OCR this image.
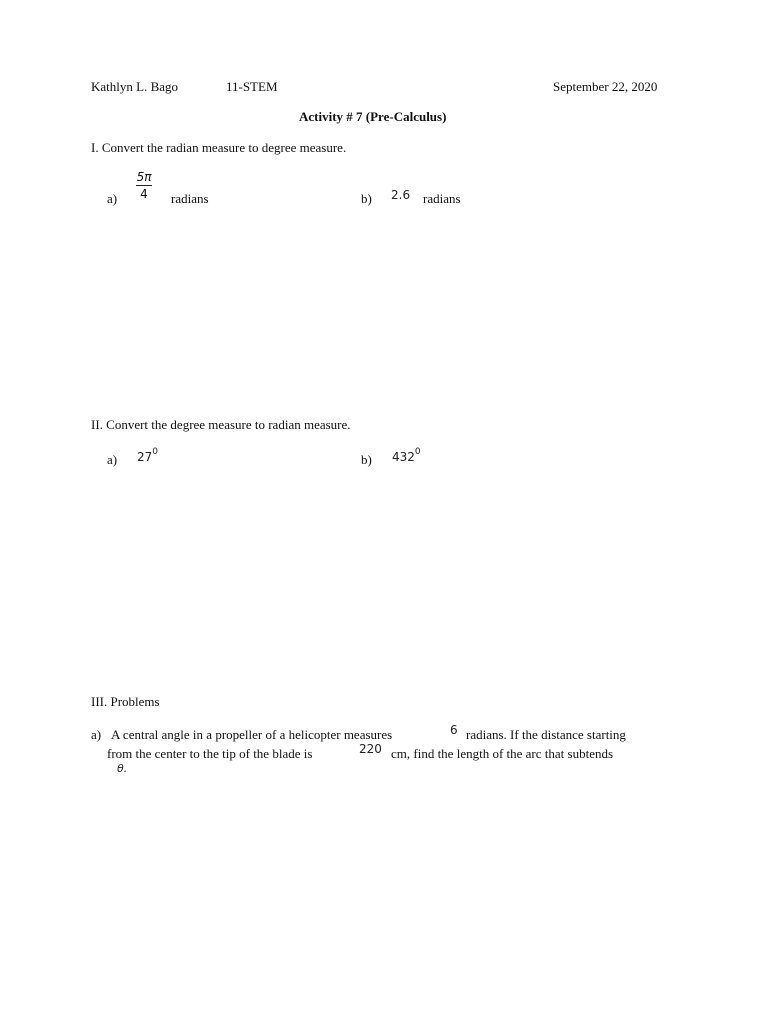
Kathlyn L. Bago	11-STEM	September 22, 2020
Activity # 7 (Pre-Calculus)
I. Convert the radian measure to degree measure.
a)
5π
4 radians	b) 2.6 radians
II. Convert the degree measure to radian measure.
a) $27^0$	b) $432^0$
III. Problems
a) A central angle in a propeller of a helicopter measures	6 radians. If the distance starting
from the center to the tip of the blade is	220 cm, find the length of the arc that subtends
θ.
